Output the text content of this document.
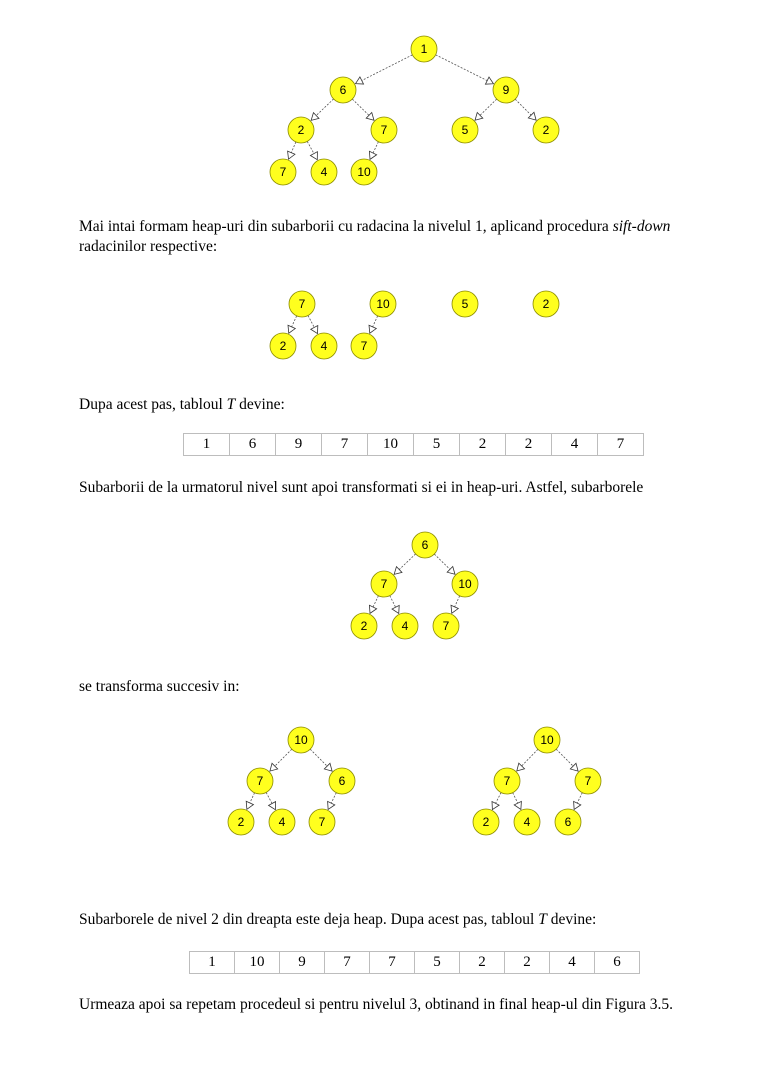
1
6	9
2	7	5	2
7	4 10

Mai intai formam heap-uri din subarborii cu radacina la nivelul 1, aplicand procedura sift-down
radacinilor respective:

7	10	5	2
2	4	7

Dupa acest pas, tabloul T devine:

1	6	9	7	10	5	2	2	4	7

Subarborii de la urmatorul nivel sunt apoi transformati si ei in heap-uri. Astfel, subarborele

6
7	10
2	4	7

se transforma succesiv in:

10
7	6
2	4	7
10
7	7
2	4	6

Subarborele de nivel 2 din dreapta este deja heap. Dupa acest pas, tabloul T devine:

1	10	9	7	7	5	2	2	4	6

Urmeaza apoi sa repetam procedeul si pentru nivelul 3, obtinand in final heap-ul din Figura 3.5.
